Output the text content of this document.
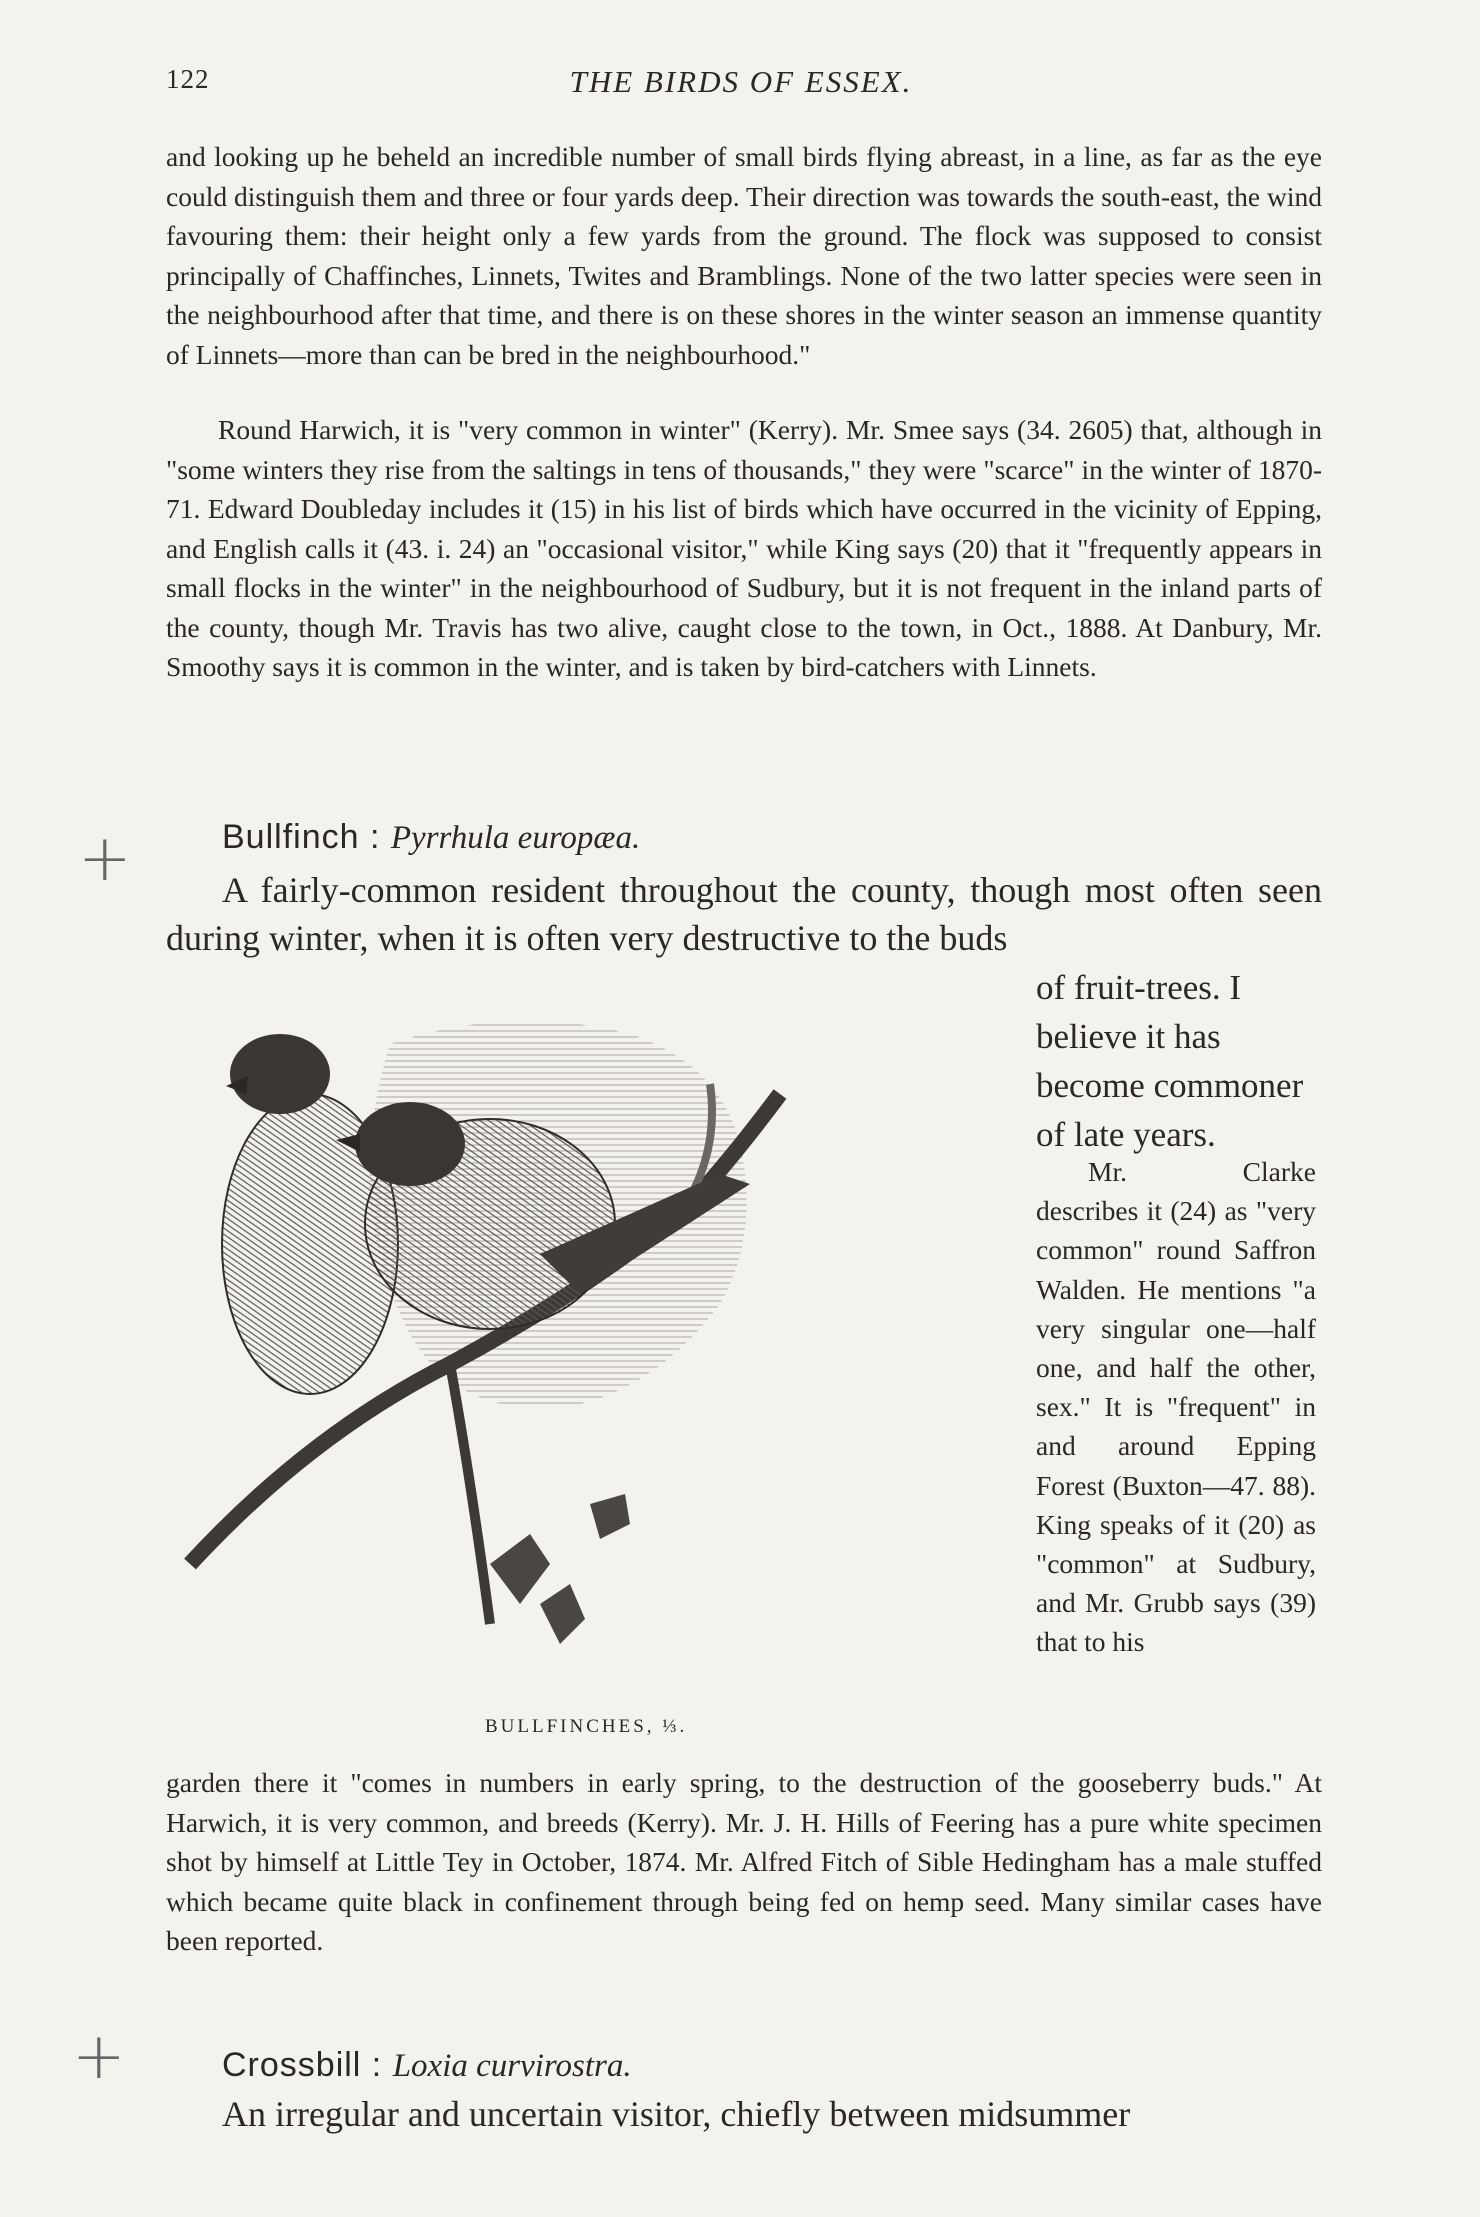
122	THE BIRDS OF ESSEX.

and looking up he beheld an incredible number of small birds flying abreast, in a line, as far as the eye could distinguish them and three or four yards deep. Their direction was towards the south-east, the wind favouring them: their height only a few yards from the ground. The flock was supposed to consist principally of Chaffinches, Linnets, Twites and Bramblings. None of the two latter species were seen in the neighbourhood after that time, and there is on these shores in the winter season an immense quantity of Linnets—more than can be bred in the neighbourhood."

Round Harwich, it is "very common in winter" (Kerry). Mr. Smee says (34. 2605) that, although in "some winters they rise from the saltings in tens of thousands," they were "scarce" in the winter of 1870-71. Edward Doubleday includes it (15) in his list of birds which have occurred in the vicinity of Epping, and English calls it (43. i. 24) an "occasional visitor," while King says (20) that it "frequently appears in small flocks in the winter" in the neighbourhood of Sudbury, but it is not frequent in the inland parts of the county, though Mr. Travis has two alive, caught close to the town, in Oct., 1888. At Danbury, Mr. Smoothy says it is common in the winter, and is taken by bird-catchers with Linnets.

+	Bullfinch : Pyrrhula europæa.

A fairly-common resident throughout the county, though most often seen during winter, when it is often very destructive to the buds

of fruit-trees. I believe it has become commoner of late years.

Mr. Clarke describes it (24) as "very common" round Saffron Walden. He mentions "a very singular one—half one, and half the other, sex." It is "frequent" in and around Epping Forest (Buxton—47. 88). King speaks of it (20) as "common" at Sudbury, and Mr. Grubb says (39) that to his

BULLFINCHES, ⅓.

garden there it "comes in numbers in early spring, to the destruction of the gooseberry buds." At Harwich, it is very common, and breeds (Kerry). Mr. J. H. Hills of Feering has a pure white specimen shot by himself at Little Tey in October, 1874. Mr. Alfred Fitch of Sible Hedingham has a male stuffed which became quite black in confinement through being fed on hemp seed. Many similar cases have been reported.

+	Crossbill : Loxia curvirostra.

An irregular and uncertain visitor, chiefly between midsummer
